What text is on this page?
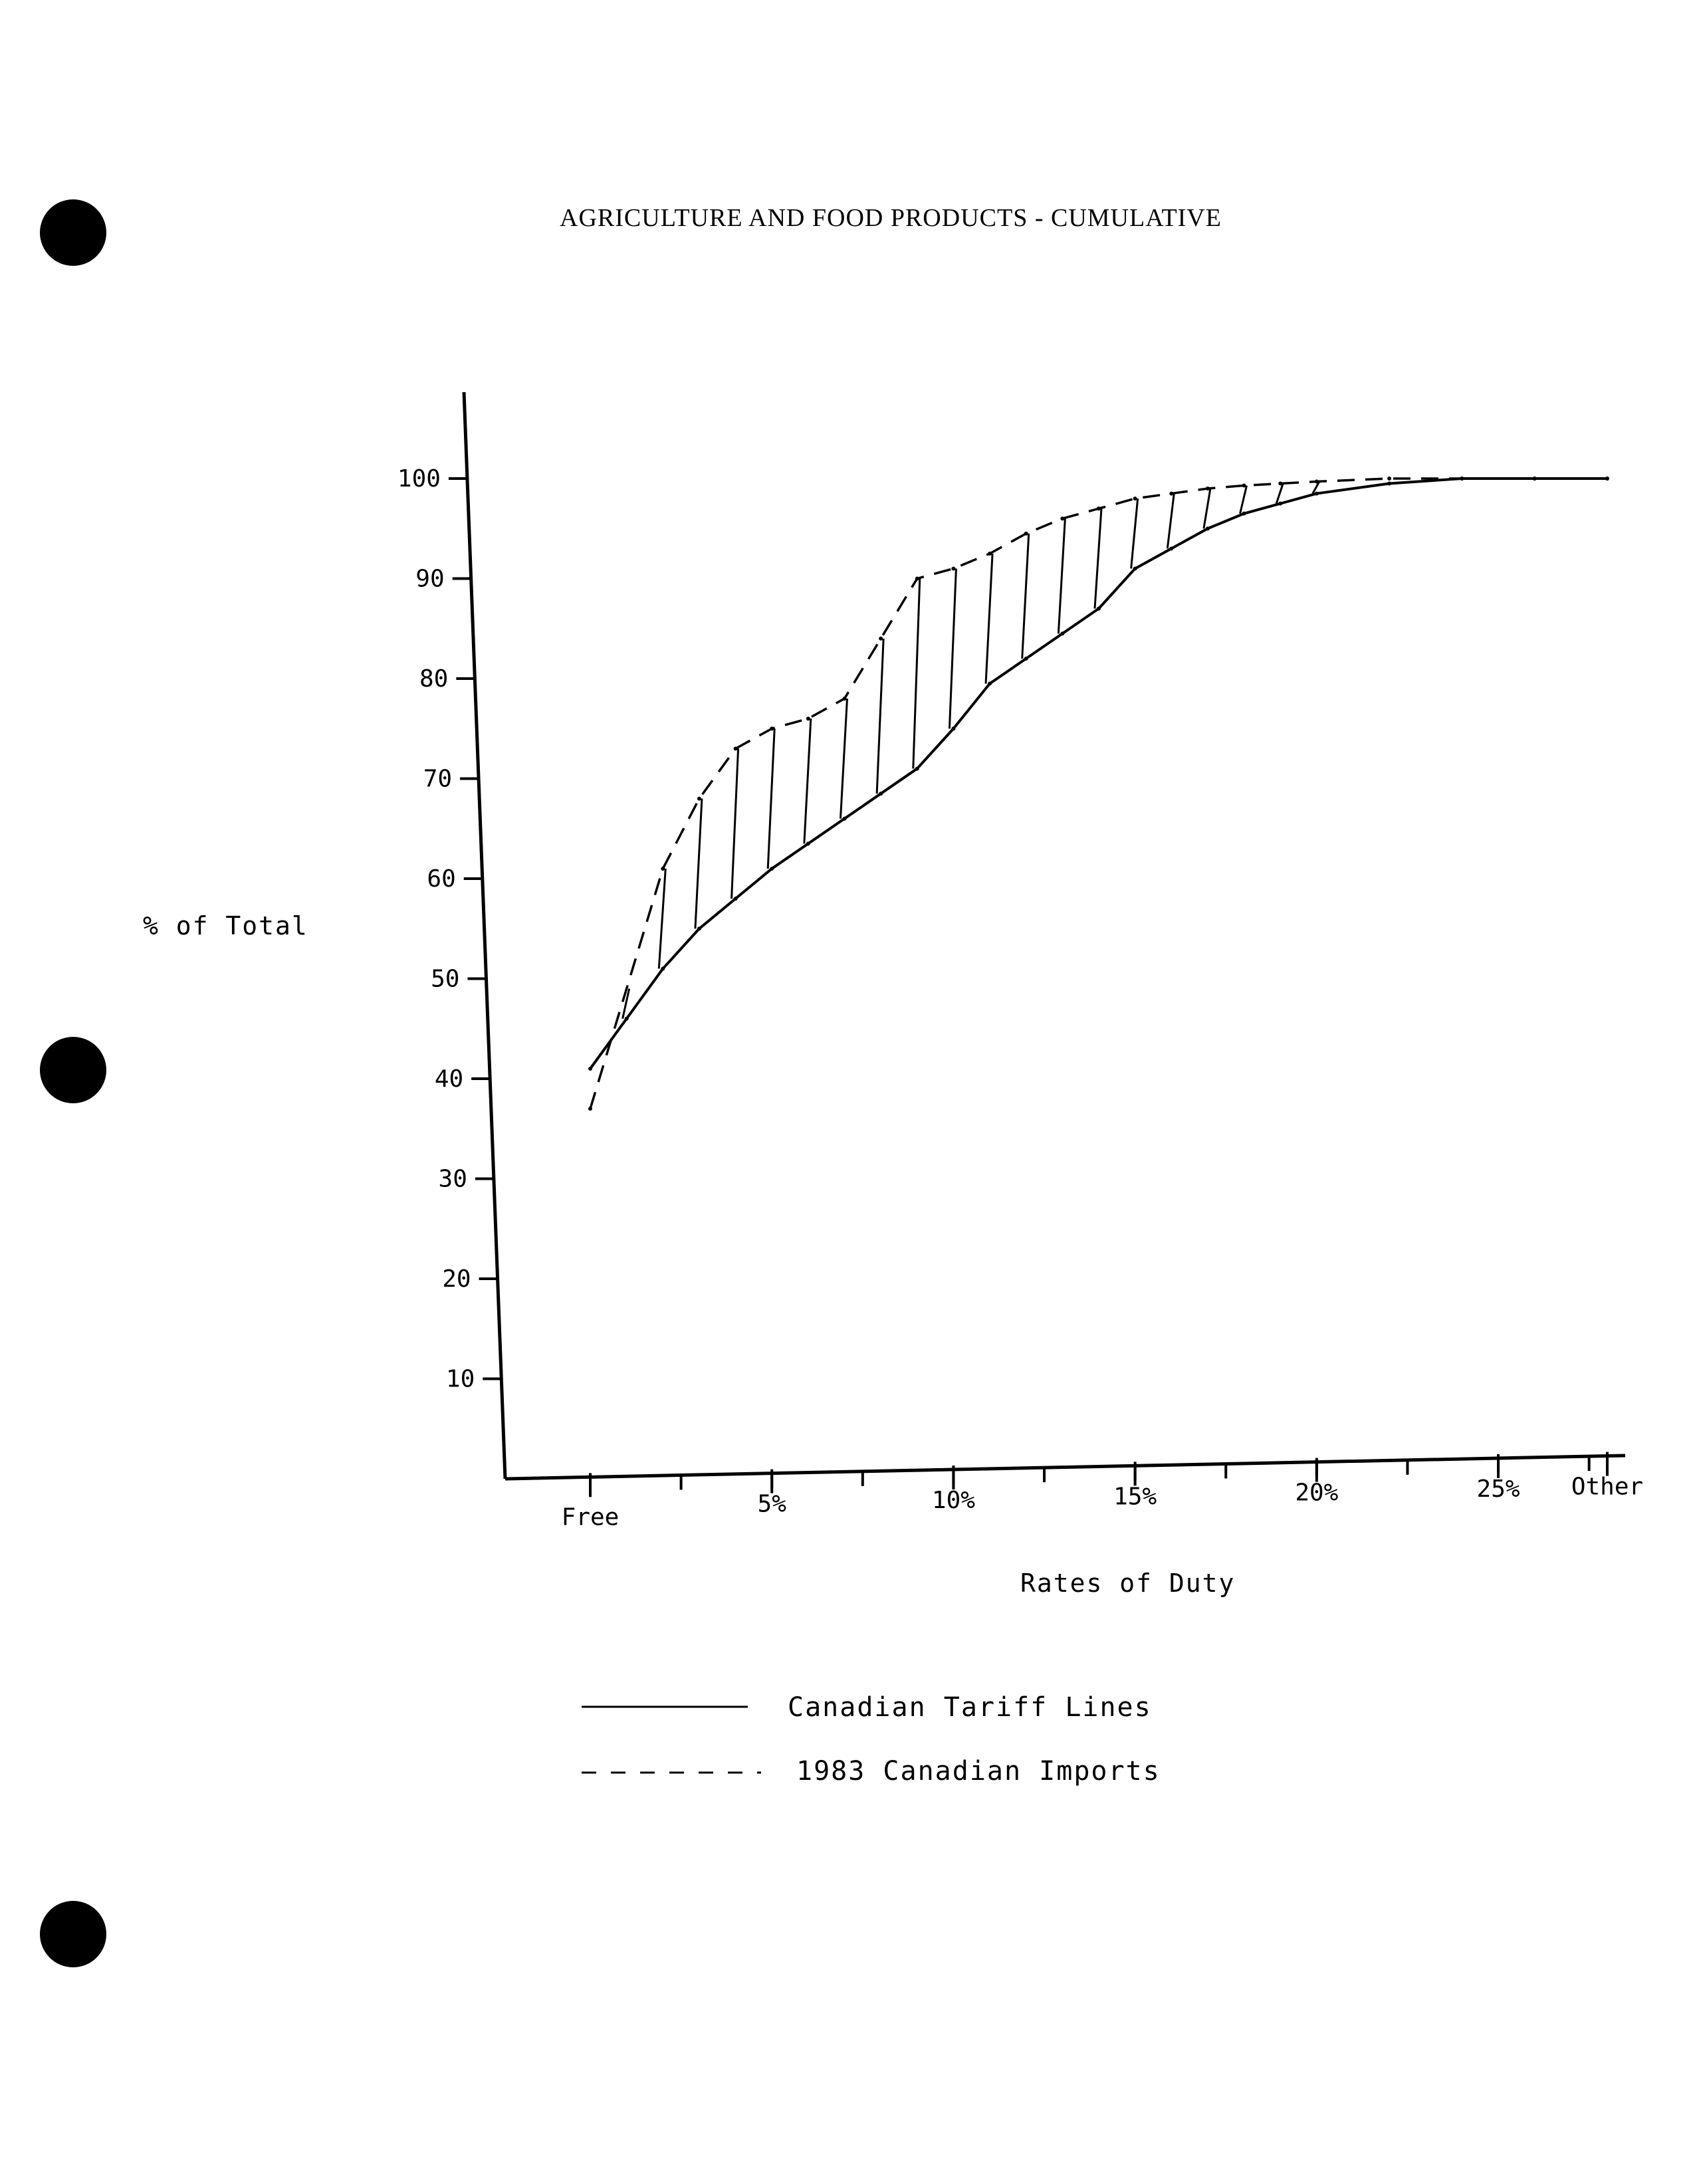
AGRICULTURE AND FOOD PRODUCTS - CUMULATIVE
10
20
30
40
50
60
70
80
90
100
Free	5%	10%	15%	20%	25% Other
% of Total
Rates of Duty
Canadian Tariff Lines
1983 Canadian Imports
